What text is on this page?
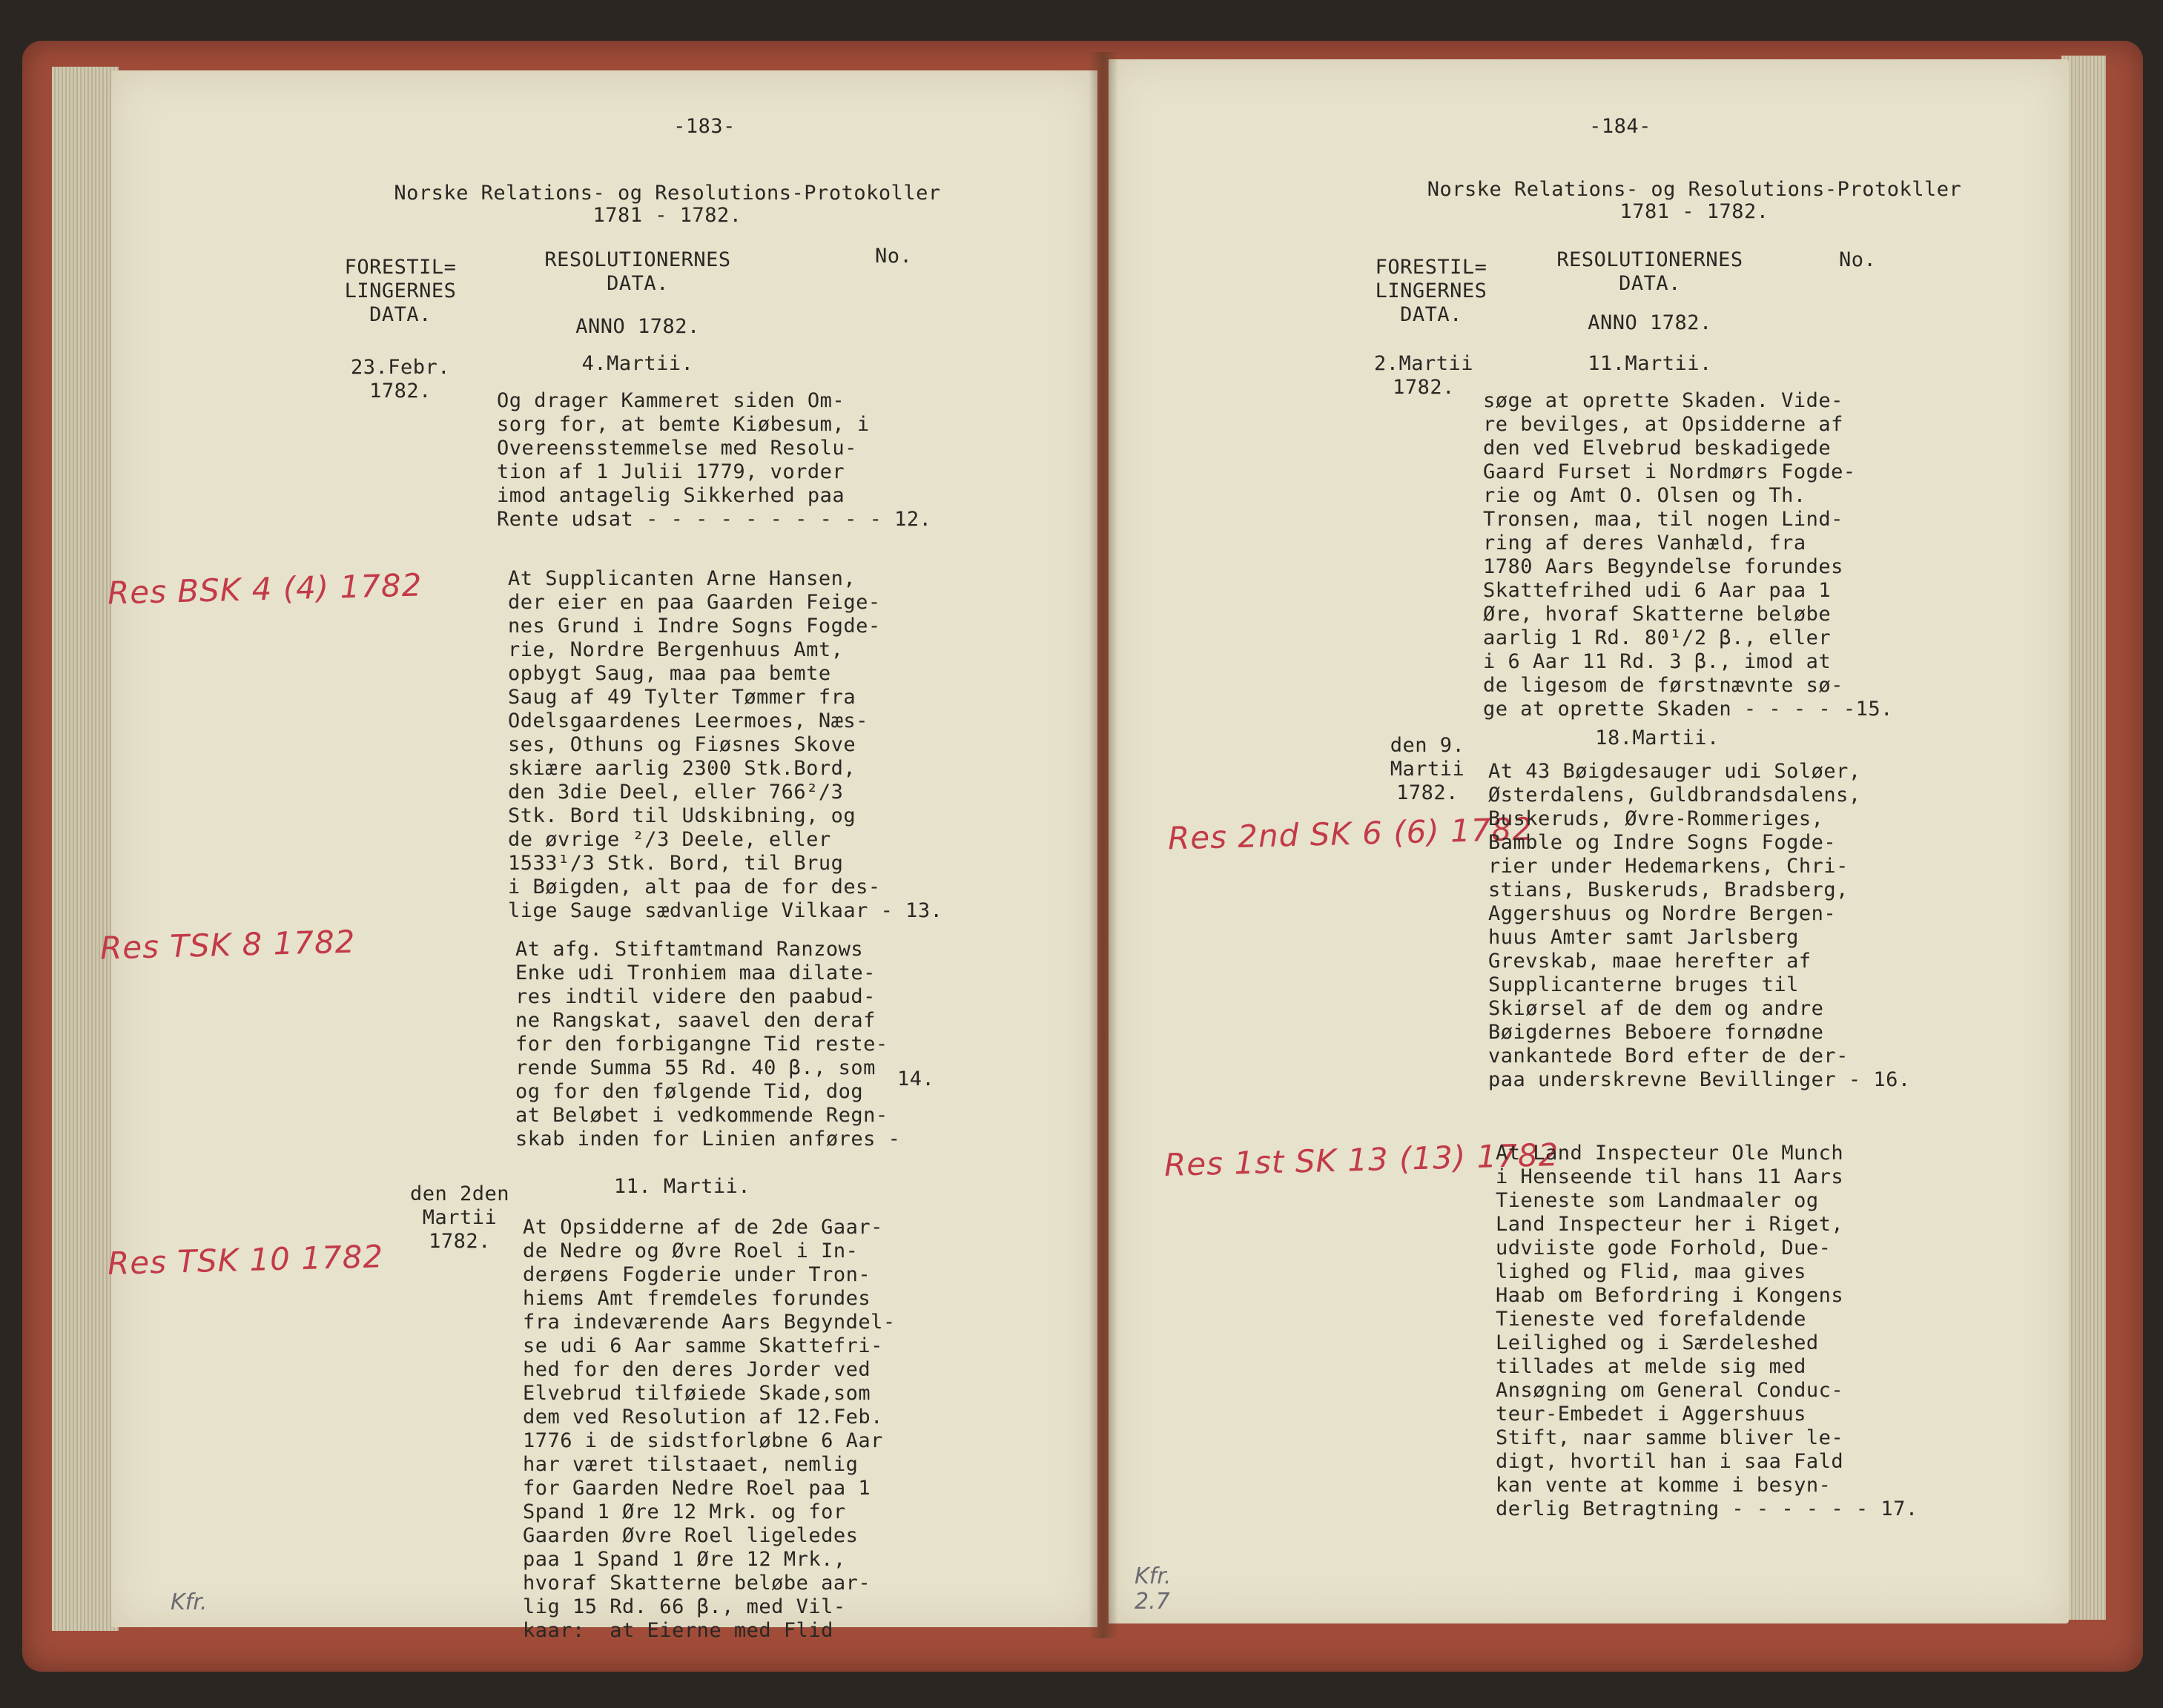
-183-
Norske Relations- og Resolutions-Protokoller
1781 - 1782.
FORESTIL=
LINGERNES
DATA.
RESOLUTIONERNES
DATA.
No.
ANNO 1782.
23.Febr.
1782.
4.Martii.
Og drager Kammeret siden Om-
sorg for, at bemte Kiøbesum, i
Overeensstemmelse med Resolu-
tion af 1 Julii 1779, vorder
imod antagelig Sikkerhed paa
Rente udsat - - - - - - - - - - 12.
Res BSK 4 (4) 1782	At Supplicanten Arne Hansen,
der eier en paa Gaarden Feige-
nes Grund i Indre Sogns Fogde-
rie, Nordre Bergenhuus Amt,
opbygt Saug, maa paa bemte
Saug af 49 Tylter Tømmer fra
Odelsgaardenes Leermoes, Næs-
ses, Othuns og Fiøsnes Skove
skiære aarlig 2300 Stk.Bord,
den 3die Deel, eller 766²/3
Stk. Bord til Udskibning, og
de øvrige ²/3 Deele, eller
1533¹/3 Stk. Bord, til Brug
i Bøigden, alt paa de for des-
lige Sauge sædvanlige Vilkaar - 13.
Res TSK 8 1782	At afg. Stiftamtmand Ranzows
Enke udi Tronhiem maa dilate-
res indtil videre den paabud-
ne Rangskat, saavel den deraf
for den forbigangne Tid reste-
rende Summa 55 Rd. 40 β., som
og for den følgende Tid, dog
at Beløbet i vedkommende Regn-
skab inden for Linien anføres -
14.
den 2den
Martii
1782.
11. Martii.
Res TSK 10 1782
At Opsidderne af de 2de Gaar-
de Nedre og Øvre Roel i In-
derøens Fogderie under Tron-
hiems Amt fremdeles forundes
fra indeværende Aars Begyndel-
se udi 6 Aar samme Skattefri-
hed for den deres Jorder ved
Elvebrud tilføiede Skade,som
dem ved Resolution af 12.Feb.
1776 i de sidstforløbne 6 Aar
har været tilstaaet, nemlig
for Gaarden Nedre Roel paa 1
Spand 1 Øre 12 Mrk. og for
Gaarden Øvre Roel ligeledes
paa 1 Spand 1 Øre 12 Mrk.,
hvoraf Skatterne beløbe aar-
lig 15 Rd. 66 β., med Vil-
kaar:  at Eierne med Flid
Kfr.
-184-
Norske Relations- og Resolutions-Protokller
1781 - 1782.
FORESTIL=
LINGERNES
DATA.
RESOLUTIONERNES
DATA.
No.
ANNO 1782.
2.Martii
1782.
11.Martii.
søge at oprette Skaden. Vide-
re bevilges, at Opsidderne af
den ved Elvebrud beskadigede
Gaard Furset i Nordmørs Fogde-
rie og Amt O. Olsen og Th.
Tronsen, maa, til nogen Lind-
ring af deres Vanhæld, fra
1780 Aars Begyndelse forundes
Skattefrihed udi 6 Aar paa 1
Øre, hvoraf Skatterne beløbe
aarlig 1 Rd. 80¹/2 β., eller
i 6 Aar 11 Rd. 3 β., imod at
de ligesom de førstnævnte sø-
ge at oprette Skaden - - - - -15.
den 9.
Martii
1782.
18.Martii.
Res 2nd SK 6 (6) 1782
At 43 Bøigdesauger udi Soløer,
Østerdalens, Guldbrandsdalens,
Buskeruds, Øvre-Rommeriges,
Bamble og Indre Sogns Fogde-
rier under Hedemarkens, Chri-
stians, Buskeruds, Bradsberg,
Aggershuus og Nordre Bergen-
huus Amter samt Jarlsberg
Grevskab, maae herefter af
Supplicanterne bruges til
Skiørsel af de dem og andre
Bøigdernes Beboere fornødne
vankantede Bord efter de der-
paa underskrevne Bevillinger - 16.
Res 1st SK 13 (13) 1782
At Land Inspecteur Ole Munch
i Henseende til hans 11 Aars
Tieneste som Landmaaler og
Land Inspecteur her i Riget,
udviiste gode Forhold, Due-
lighed og Flid, maa gives
Haab om Befordring i Kongens
Tieneste ved forefaldende
Leilighed og i Særdeleshed
tillades at melde sig med
Ansøgning om General Conduc-
teur-Embedet i Aggershuus
Stift, naar samme bliver le-
digt, hvortil han i saa Fald
kan vente at komme i besyn-
derlig Betragtning - - - - - - 17.
Kfr.
2.7
